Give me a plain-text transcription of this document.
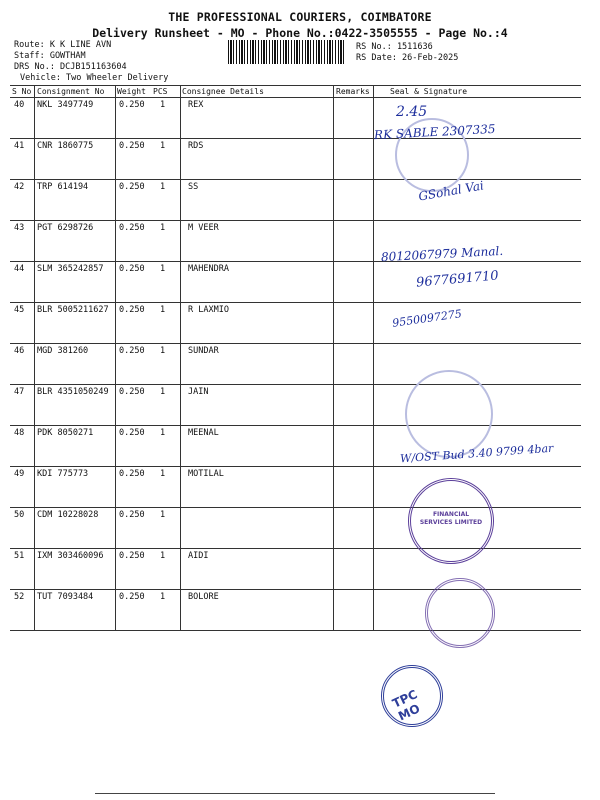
THE PROFESSIONAL COURIERS, COIMBATORE
Delivery Runsheet - MO - Phone No.:0422-3505555 - Page No.:4
Route: K K LINE AVN
Staff: GOWTHAM
DRS No.: DCJB151163604
Vehicle: Two Wheeler Delivery
RS No.: 1511636
RS Date: 26-Feb-2025
S No Consignment No Weight PCS Consignee Details	Remarks	Seal & Signature
40 NKL 3497749	0.250 1	REX
41 CNR 1860775	0.250 1	RDS
42 TRP 614194	0.250 1	SS
43 PGT 6298726	0.250 1	M VEER
44 SLM 365242857 0.250 1	MAHENDRA
45 BLR 5005211627 0.250 1	R LAXMIO
46 MGD 381260	0.250 1	SUNDAR
47 BLR 4351050249 0.250 1	JAIN
48 PDK 8050271	0.250 1	MEENAL
49 KDI 775773	0.250 1	MOTILAL
50 CDM 10228028 0.250 1
51 IXM 303460096 0.250 1	AIDI
52 TUT 7093484	0.250 1	BOLORE
FINANCIAL SERVICES LIMITED
TPC MO
2.45
RK SABLE 2307335
GSohal Vai
8012067979 Manal.
9677691710
9550097275
W/OST Bud 3.40 9799 4bar
